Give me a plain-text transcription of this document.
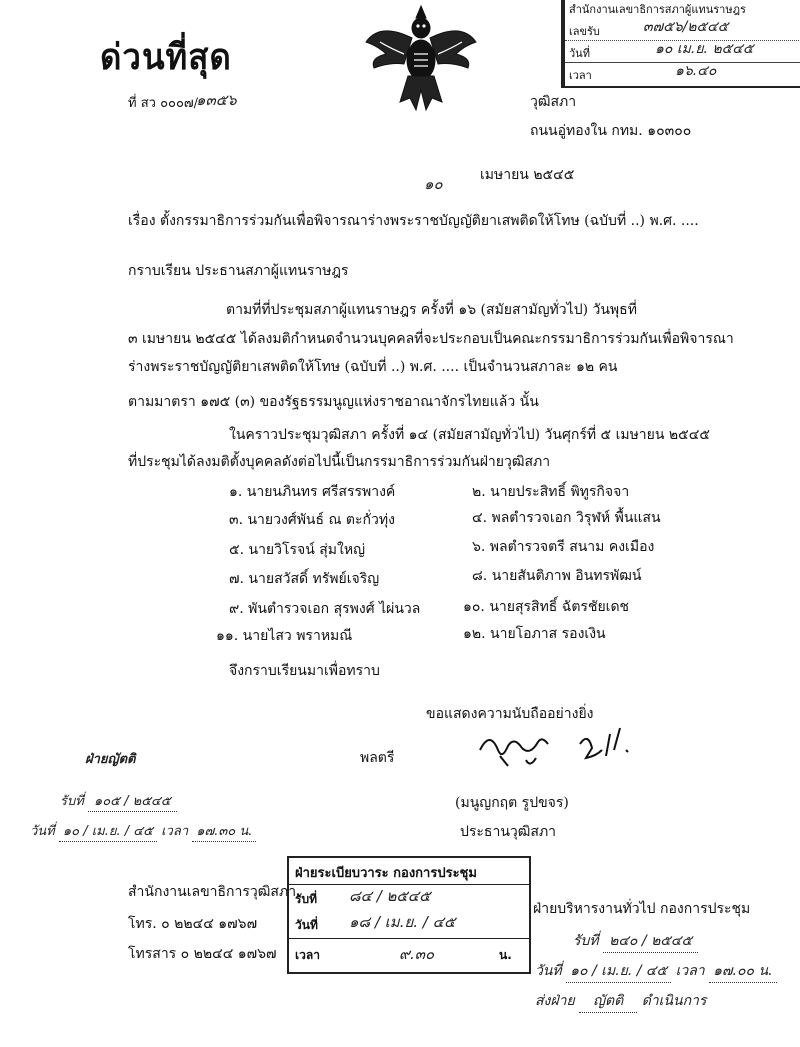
ด่วนที่สุด
ที่ สว ๐๐๐๗/
๑๓๕๖
สำนักงานเลขาธิการสภาผู้แทนราษฎร
เลขรับ	๓๗๕๖/๒๕๔๕
วันที่	๑๐ เม.ย. ๒๕๔๕
เวลา	๑๖.๔๐
วุฒิสภา
ถนนอู่ทองใน กทม. ๑๐๓๐๐
๑๐	เมษายน ๒๕๔๕
เรื่อง ตั้งกรรมาธิการร่วมกันเพื่อพิจารณาร่างพระราชบัญญัติยาเสพติดให้โทษ (ฉบับที่ ..) พ.ศ. ....
กราบเรียน ประธานสภาผู้แทนราษฎร
ตามที่ที่ประชุมสภาผู้แทนราษฎร ครั้งที่ ๑๖ (สมัยสามัญทั่วไป) วันพุธที่
๓ เมษายน ๒๕๔๕ ได้ลงมติกำหนดจำนวนบุคคลที่จะประกอบเป็นคณะกรรมาธิการร่วมกันเพื่อพิจารณา
ร่างพระราชบัญญัติยาเสพติดให้โทษ (ฉบับที่ ..) พ.ศ. .... เป็นจำนวนสภาละ ๑๒ คน
ตามมาตรา ๑๗๕ (๓) ของรัฐธรรมนูญแห่งราชอาณาจักรไทยแล้ว นั้น
ในคราวประชุมวุฒิสภา ครั้งที่ ๑๔ (สมัยสามัญทั่วไป) วันศุกร์ที่ ๕ เมษายน ๒๕๔๕
ที่ประชุมได้ลงมติตั้งบุคคลดังต่อไปนี้เป็นกรรมาธิการร่วมกันฝ่ายวุฒิสภา
๑. นายนภินทร ศรีสรรพางค์	๒. นายประสิทธิ์ พิทูรกิจจา
๓. นายวงศ์พันธ์ ณ ตะกั่วทุ่ง	๔. พลตำรวจเอก วิรุฬห์ พื้นแสน
๕. นายวิโรจน์ สุ่มใหญ่	๖. พลตำรวจตรี สนาม คงเมือง
๗. นายสวัสดิ์ ทรัพย์เจริญ	๘. นายสันติภาพ อินทรพัฒน์
๙. พันตำรวจเอก สุรพงศ์ ไผ่นวล	๑๐. นายสุรสิทธิ์ ฉัตรชัยเดช
๑๑. นายไสว พราหมณี	๑๒. นายโอภาส รองเงิน
จึงกราบเรียนมาเพื่อทราบ
ขอแสดงความนับถืออย่างยิ่ง
พลตรี
(มนูญกฤต รูปขจร)
ประธานวุฒิสภา
ฝ่ายญัตติ
รับที่ ๑๐๕ / ๒๕๔๕
วันที่ ๑๐ / เม.ย. / ๔๕ เวลา ๑๗.๓๐ น.
สำนักงานเลขาธิการวุฒิสภา
โทร. ๐ ๒๒๔๔ ๑๗๖๗
โทรสาร ๐ ๒๒๔๔ ๑๗๖๗
ฝ่ายระเบียบวาระ กองการประชุม
รับที่ ๘๔ / ๒๕๔๕
วันที่ ๑๘ / เม.ย. / ๔๕
เวลา	๙.๓๐	น.
ฝ่ายบริหารงานทั่วไป กองการประชุม
รับที่ ๒๔๐ / ๒๕๔๕
วันที่ ๑๐ / เม.ย. / ๔๕ เวลา ๑๗.๐๐ น.
ส่งฝ่าย ญัตติ ดำเนินการ
